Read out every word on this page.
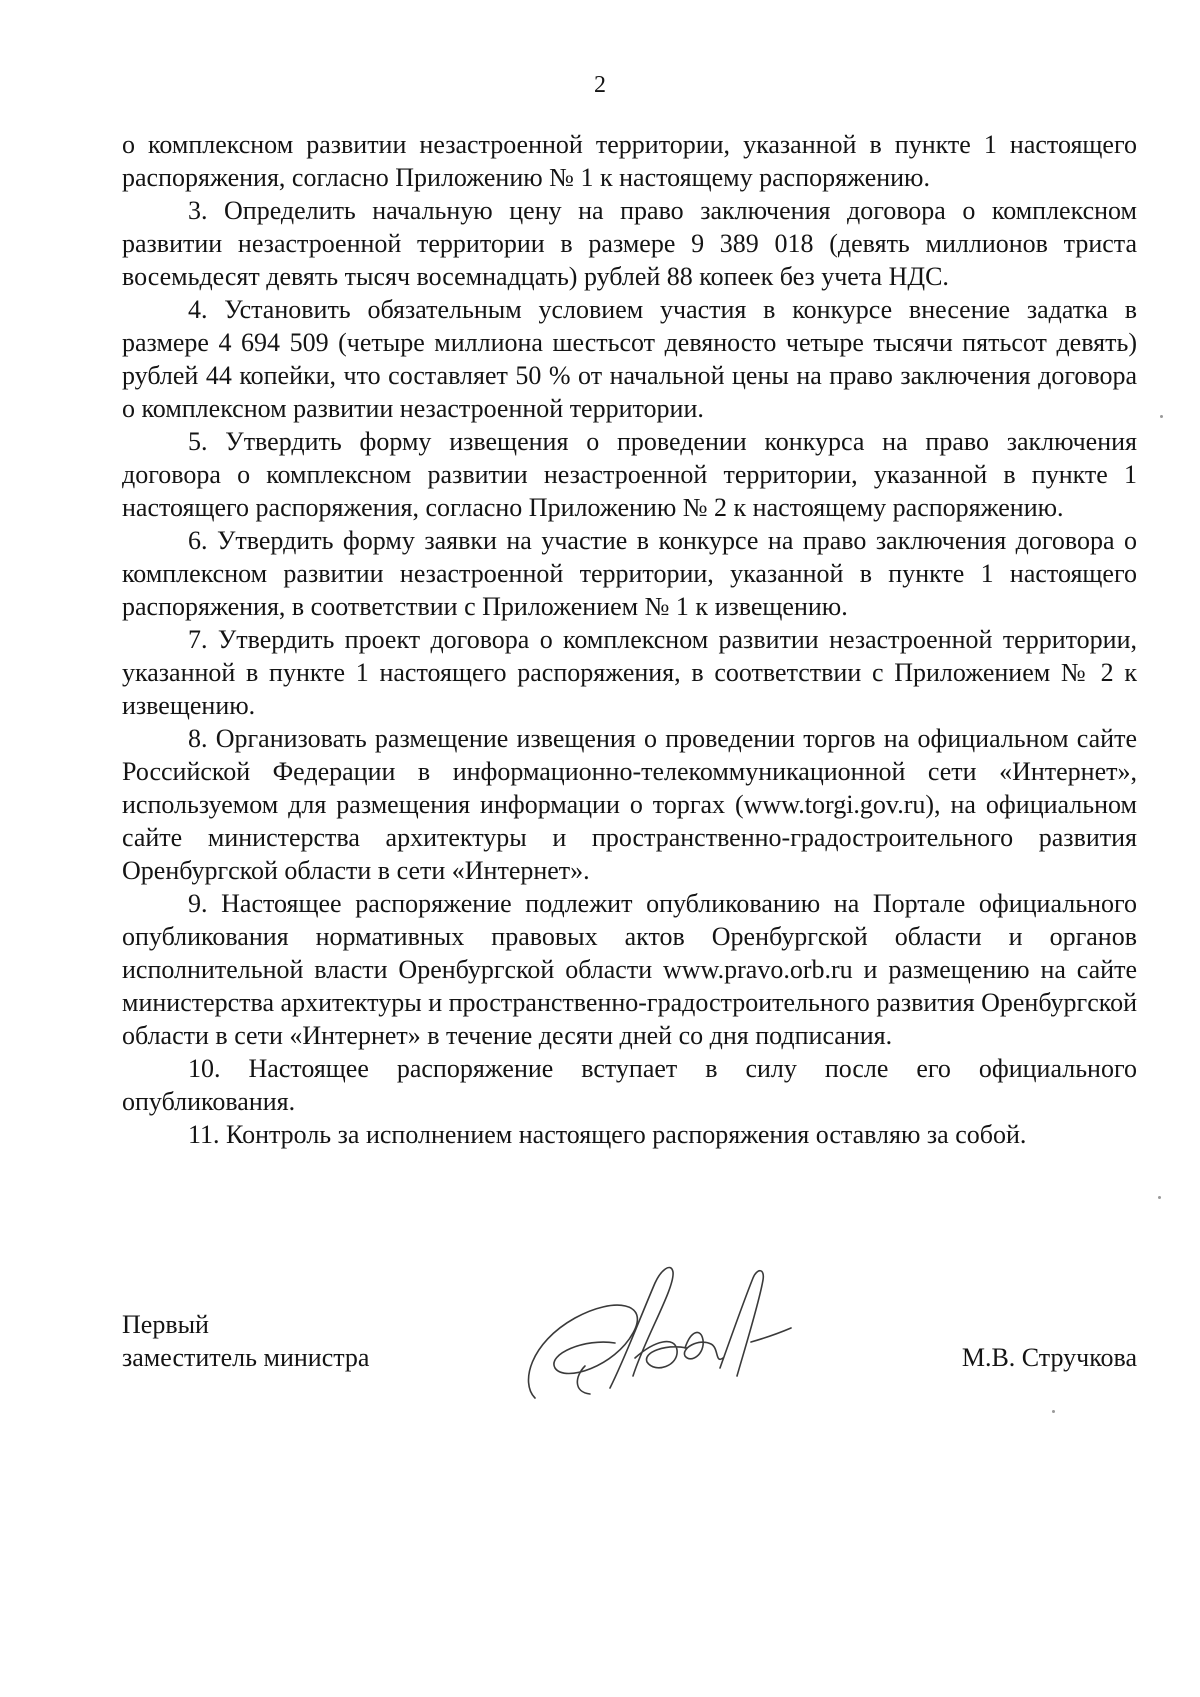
2

о комплексном развитии незастроенной территории, указанной в пункте 1 настоящего распоряжения, согласно Приложению № 1 к настоящему распоряжению.

3. Определить начальную цену на право заключения договора о комплексном развитии незастроенной территории в размере 9 389 018 (девять миллионов триста восемьдесят девять тысяч восемнадцать) рублей 88 копеек без учета НДС.

4. Установить обязательным условием участия в конкурсе внесение задатка в размере 4 694 509 (четыре миллиона шестьсот девяносто четыре тысячи пятьсот девять) рублей 44 копейки, что составляет 50 % от начальной цены на право заключения договора о комплексном развитии незастроенной территории.

5. Утвердить форму извещения о проведении конкурса на право заключения договора о комплексном развитии незастроенной территории, указанной в пункте 1 настоящего распоряжения, согласно Приложению № 2 к настоящему распоряжению.

6. Утвердить форму заявки на участие в конкурсе на право заключения договора о комплексном развитии незастроенной территории, указанной в пункте 1 настоящего распоряжения, в соответствии с Приложением № 1 к извещению.

7. Утвердить проект договора о комплексном развитии незастроенной территории, указанной в пункте 1 настоящего распоряжения, в соответствии с Приложением № 2 к извещению.

8. Организовать размещение извещения о проведении торгов на официальном сайте Российской Федерации в информационно-телекоммуникационной сети «Интернет», используемом для размещения информации о торгах (www.torgi.gov.ru), на официальном сайте министерства архитектуры и пространственно-градостроительного развития Оренбургской области в сети «Интернет».

9. Настоящее распоряжение подлежит опубликованию на Портале официального опубликования нормативных правовых актов Оренбургской области и органов исполнительной власти Оренбургской области www.pravo.orb.ru и размещению на сайте министерства архитектуры и пространственно-градостроительного развития Оренбургской области в сети «Интернет» в течение десяти дней со дня подписания.

10. Настоящее распоряжение вступает в силу после его официального опубликования.

11. Контроль за исполнением настоящего распоряжения оставляю за собой.

Первый
заместитель министра	М.В. Стручкова
